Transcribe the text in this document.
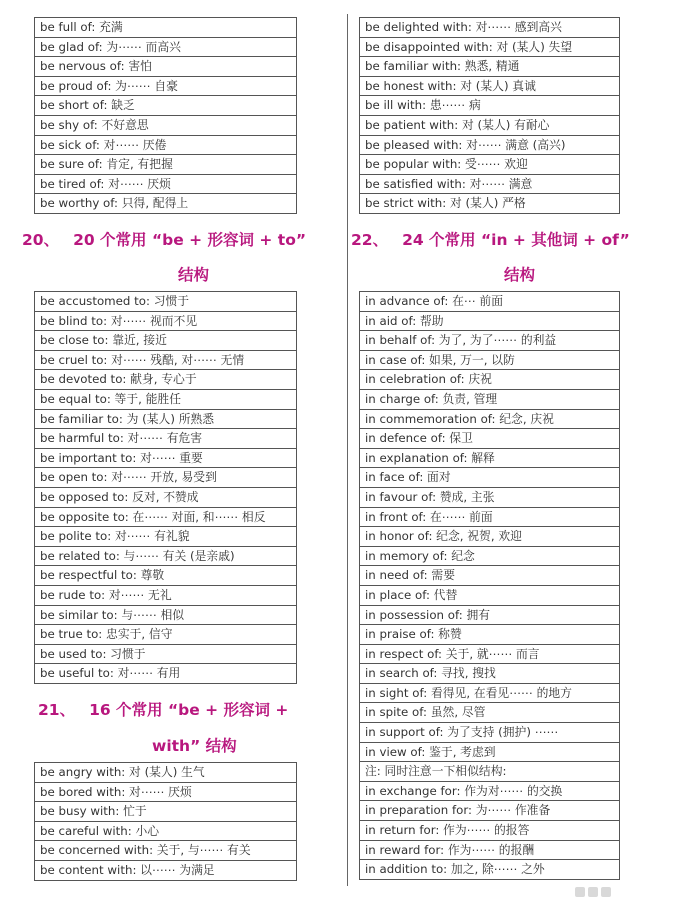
be full of: 充满
be glad of: 为⋯⋯ 而高兴
be nervous of: 害怕
be proud of: 为⋯⋯ 自豪
be short of: 缺乏
be shy of: 不好意思
be sick of: 对⋯⋯ 厌倦
be sure of: 肯定, 有把握
be tired of: 对⋯⋯ 厌烦
be worthy of: 只得, 配得上
20、 20 个常用 “be + 形容词 + to”
结构
be accustomed to: 习惯于
be blind to: 对⋯⋯ 视而不见
be close to: 靠近, 接近
be cruel to: 对⋯⋯ 残酷, 对⋯⋯ 无情
be devoted to: 献身, 专心于
be equal to: 等于, 能胜任
be familiar to: 为 (某人) 所熟悉
be harmful to: 对⋯⋯ 有危害
be important to: 对⋯⋯ 重要
be open to: 对⋯⋯ 开放, 易受到
be opposed to: 反对, 不赞成
be opposite to: 在⋯⋯ 对面, 和⋯⋯ 相反
be polite to: 对⋯⋯ 有礼貌
be related to: 与⋯⋯ 有关 (是亲戚)
be respectful to: 尊敬
be rude to: 对⋯⋯ 无礼
be similar to: 与⋯⋯ 相似
be true to: 忠实于, 信守
be used to: 习惯于
be useful to: 对⋯⋯ 有用
21、 16 个常用 “be + 形容词 +
with” 结构
be angry with: 对 (某人) 生气
be bored with: 对⋯⋯ 厌烦
be busy with: 忙于
be careful with: 小心
be concerned with: 关于, 与⋯⋯ 有关
be content with: 以⋯⋯ 为满足
be delighted with: 对⋯⋯ 感到高兴
be disappointed with: 对 (某人) 失望
be familiar with: 熟悉, 精通
be honest with: 对 (某人) 真诚
be ill with: 患⋯⋯ 病
be patient with: 对 (某人) 有耐心
be pleased with: 对⋯⋯ 满意 (高兴)
be popular with: 受⋯⋯ 欢迎
be satisfied with: 对⋯⋯ 满意
be strict with: 对 (某人) 严格
22、 24 个常用 “in + 其他词 + of”
结构
in advance of: 在⋯ 前面
in aid of: 帮助
in behalf of: 为了, 为了⋯⋯ 的利益
in case of: 如果, 万一, 以防
in celebration of: 庆祝
in charge of: 负责, 管理
in commemoration of: 纪念, 庆祝
in defence of: 保卫
in explanation of: 解释
in face of: 面对
in favour of: 赞成, 主张
in front of: 在⋯⋯ 前面
in honor of: 纪念, 祝贺, 欢迎
in memory of: 纪念
in need of: 需要
in place of: 代替
in possession of: 拥有
in praise of: 称赞
in respect of: 关于, 就⋯⋯ 而言
in search of: 寻找, 搜找
in sight of: 看得见, 在看见⋯⋯ 的地方
in spite of: 虽然, 尽管
in support of: 为了支持 (拥护) ⋯⋯
in view of: 鉴于, 考虑到
注: 同时注意一下相似结构:
in exchange for: 作为对⋯⋯ 的交换
in preparation for: 为⋯⋯ 作准备
in return for: 作为⋯⋯ 的报答
in reward for: 作为⋯⋯ 的报酬
in addition to: 加之, 除⋯⋯ 之外
